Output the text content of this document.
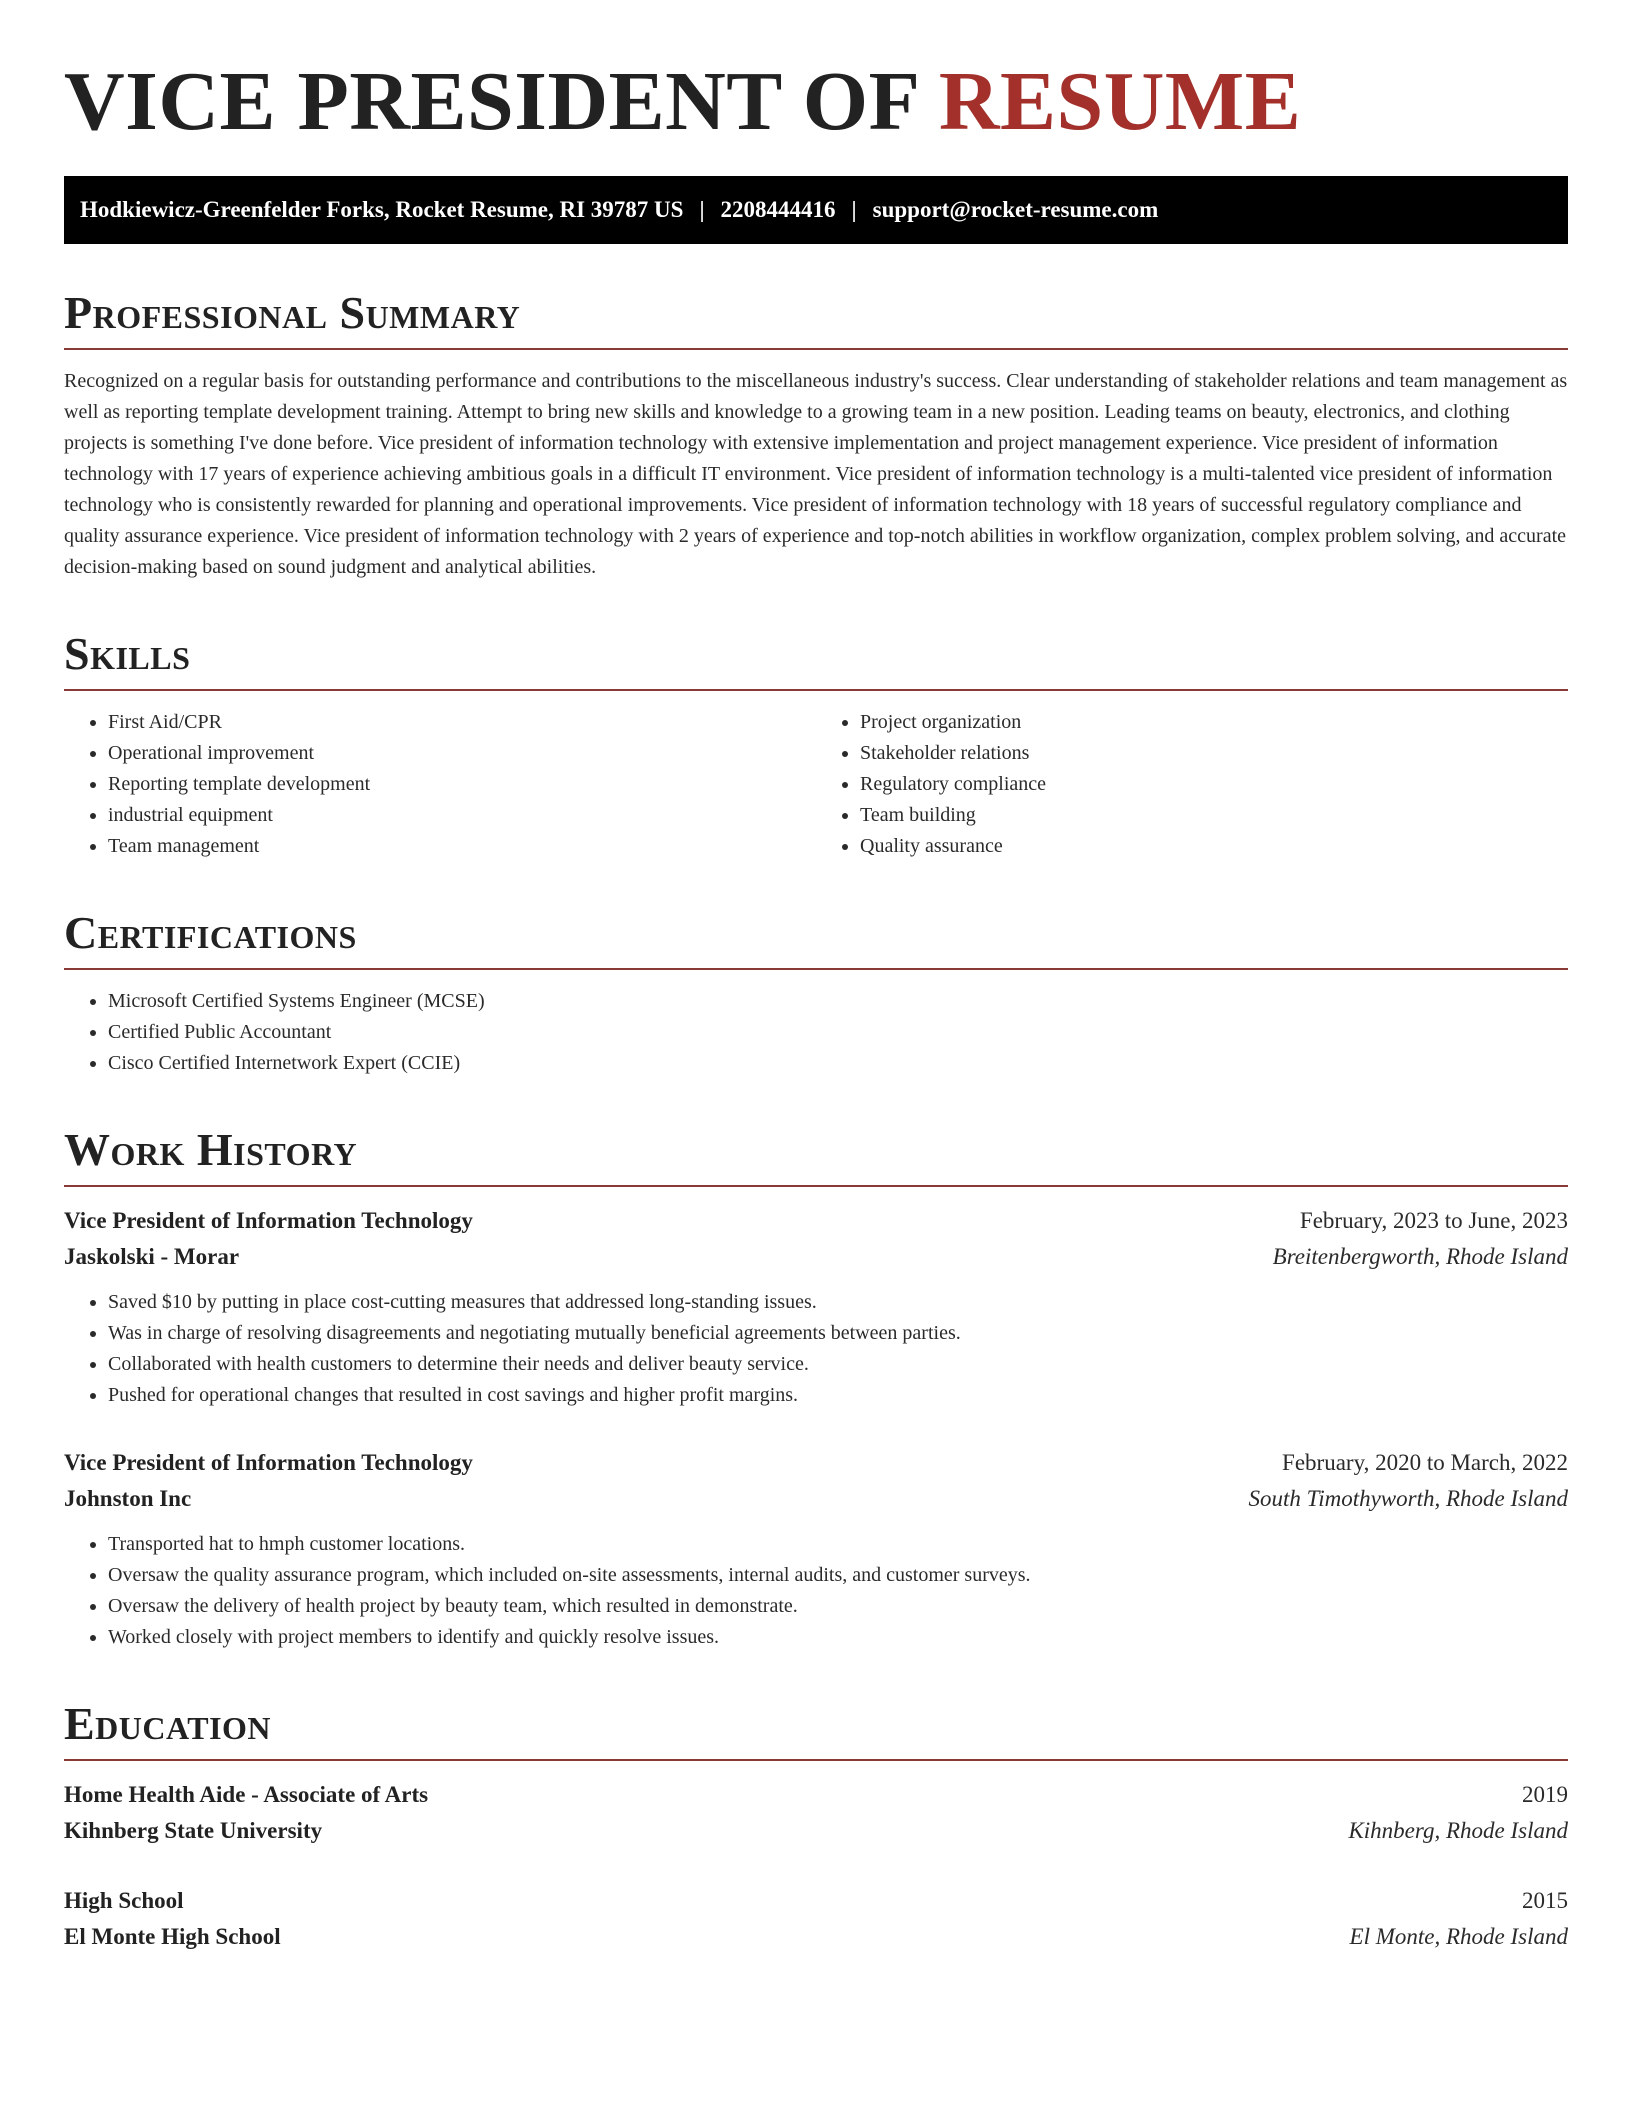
VICE PRESIDENT OF RESUME
Hodkiewicz-Greenfelder Forks, Rocket Resume, RI 39787 US | 2208444416 | support@rocket-resume.com
Professional Summary

Recognized on a regular basis for outstanding performance and contributions to the miscellaneous industry's success. Clear understanding of stakeholder relations and team management as well as reporting template development training. Attempt to bring new skills and knowledge to a growing team in a new position. Leading teams on beauty, electronics, and clothing projects is something I've done before. Vice president of information technology with extensive implementation and project management experience. Vice president of information technology with 17 years of experience achieving ambitious goals in a difficult IT environment. Vice president of information technology is a multi-talented vice president of information technology who is consistently rewarded for planning and operational improvements. Vice president of information technology with 18 years of successful regulatory compliance and quality assurance experience. Vice president of information technology with 2 years of experience and top-notch abilities in workflow organization, complex problem solving, and accurate decision-making based on sound judgment and analytical abilities.

Skills
• First Aid/CPR
• Operational improvement
• Reporting template development
• industrial equipment
• Team management
• Project organization
• Stakeholder relations
• Regulatory compliance
• Team building
• Quality assurance
Certifications
• Microsoft Certified Systems Engineer (MCSE)
• Certified Public Accountant
• Cisco Certified Internetwork Expert (CCIE)
Work History
Vice President of Information Technology	February, 2023 to June, 2023
Jaskolski - Morar	Breitenbergworth, Rhode Island
• Saved $10 by putting in place cost-cutting measures that addressed long-standing issues.
• Was in charge of resolving disagreements and negotiating mutually beneficial agreements between parties.
• Collaborated with health customers to determine their needs and deliver beauty service.
• Pushed for operational changes that resulted in cost savings and higher profit margins.
Vice President of Information Technology	February, 2020 to March, 2022
Johnston Inc	South Timothyworth, Rhode Island
• Transported hat to hmph customer locations.
• Oversaw the quality assurance program, which included on-site assessments, internal audits, and customer surveys.
• Oversaw the delivery of health project by beauty team, which resulted in demonstrate.
• Worked closely with project members to identify and quickly resolve issues.
Education
Home Health Aide - Associate of Arts	2019
Kihnberg State University	Kihnberg, Rhode Island
High School	2015
El Monte High School	El Monte, Rhode Island
